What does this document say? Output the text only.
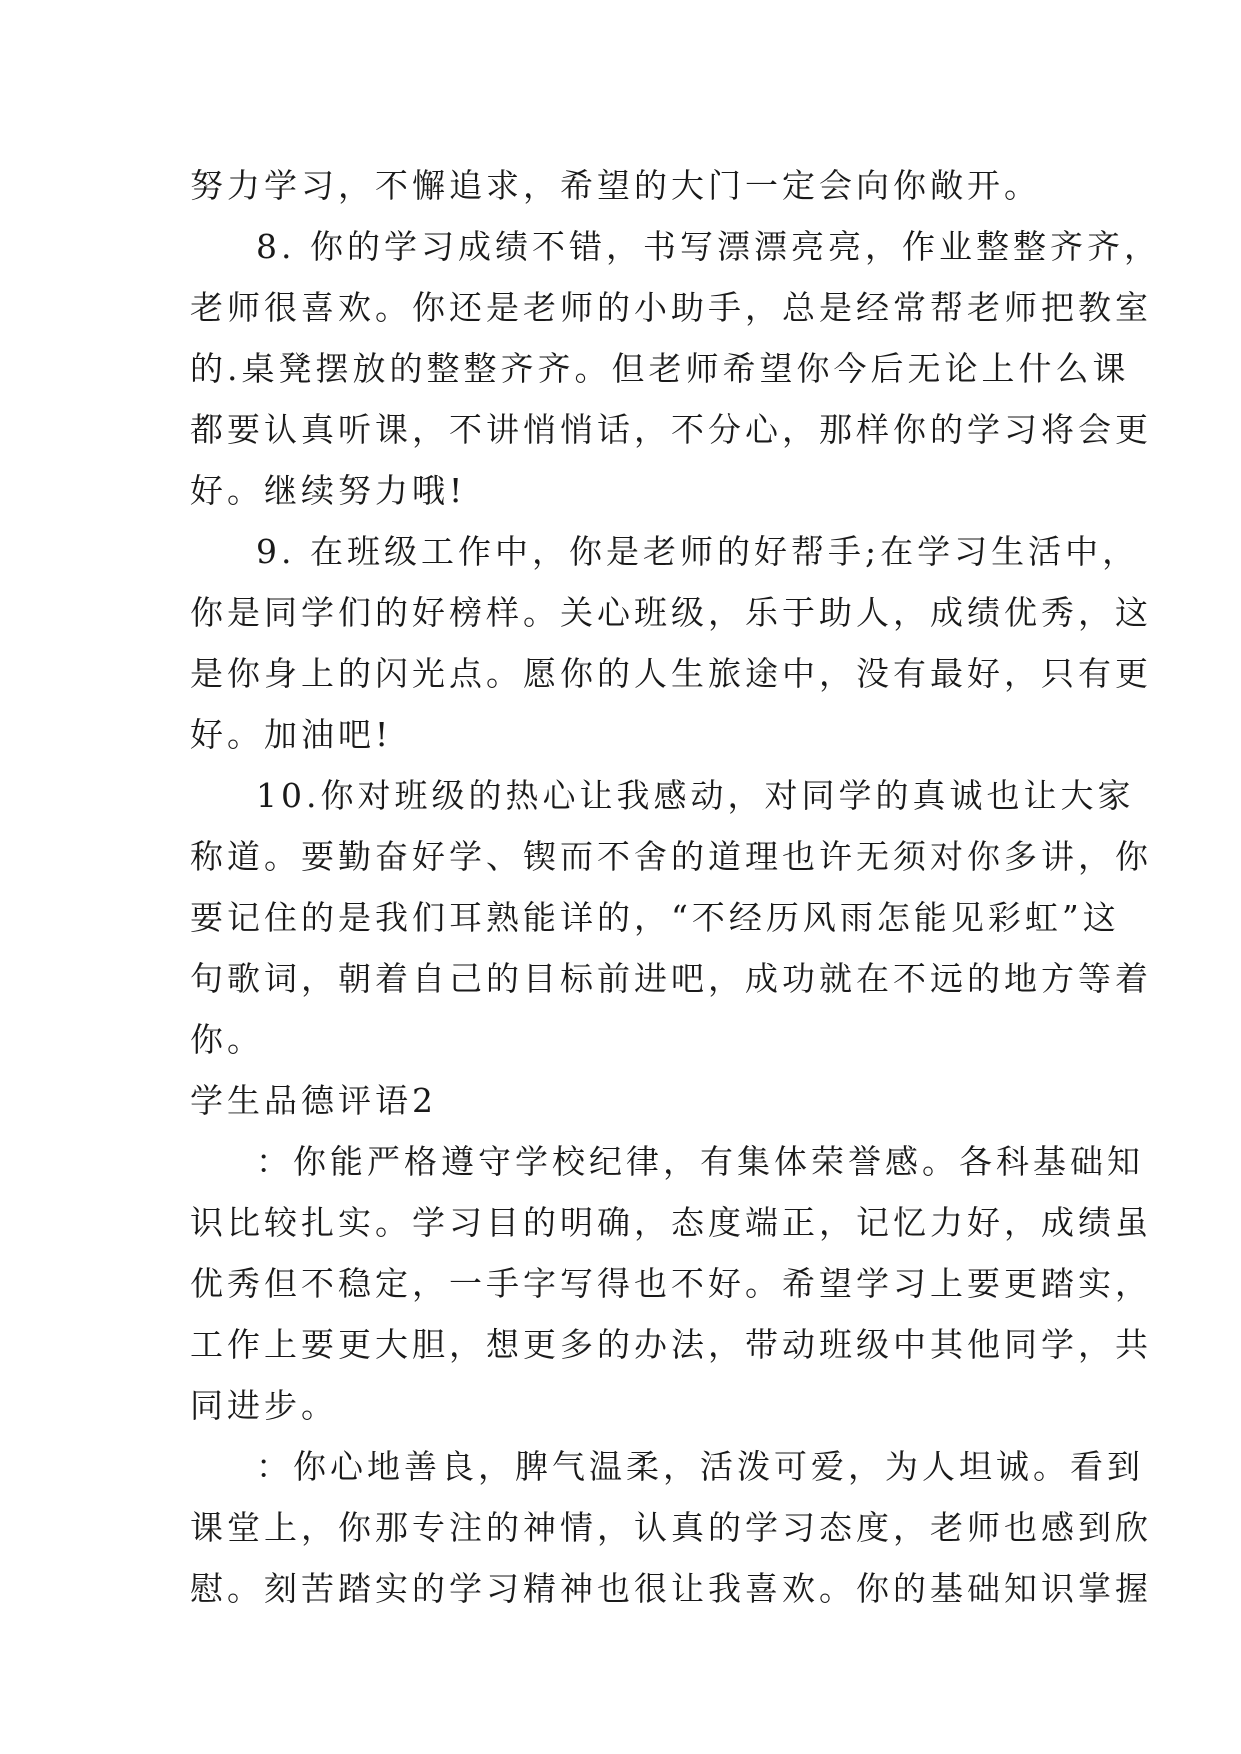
努力学习，不懈追求，希望的大门一定会向你敞开。
8. 你的学习成绩不错，书写漂漂亮亮，作业整整齐齐，
老师很喜欢。你还是老师的小助手，总是经常帮老师把教室
的.桌凳摆放的整整齐齐。但老师希望你今后无论上什么课
都要认真听课，不讲悄悄话，不分心，那样你的学习将会更
好。继续努力哦!
9. 在班级工作中，你是老师的好帮手;在学习生活中，
你是同学们的好榜样。关心班级，乐于助人，成绩优秀，这
是你身上的闪光点。愿你的人生旅途中，没有最好，只有更
好。加油吧!
10.你对班级的热心让我感动，对同学的真诚也让大家
称道。要勤奋好学、锲而不舍的道理也许无须对你多讲，你
要记住的是我们耳熟能详的，“不经历风雨怎能见彩虹”这
句歌词，朝着自己的目标前进吧，成功就在不远的地方等着
你。
学生品德评语2
：你能严格遵守学校纪律，有集体荣誉感。各科基础知
识比较扎实。学习目的明确，态度端正，记忆力好，成绩虽
优秀但不稳定，一手字写得也不好。希望学习上要更踏实，
工作上要更大胆，想更多的办法，带动班级中其他同学，共
同进步。
：你心地善良，脾气温柔，活泼可爱，为人坦诚。看到
课堂上，你那专注的神情，认真的学习态度，老师也感到欣
慰。刻苦踏实的学习精神也很让我喜欢。你的基础知识掌握
